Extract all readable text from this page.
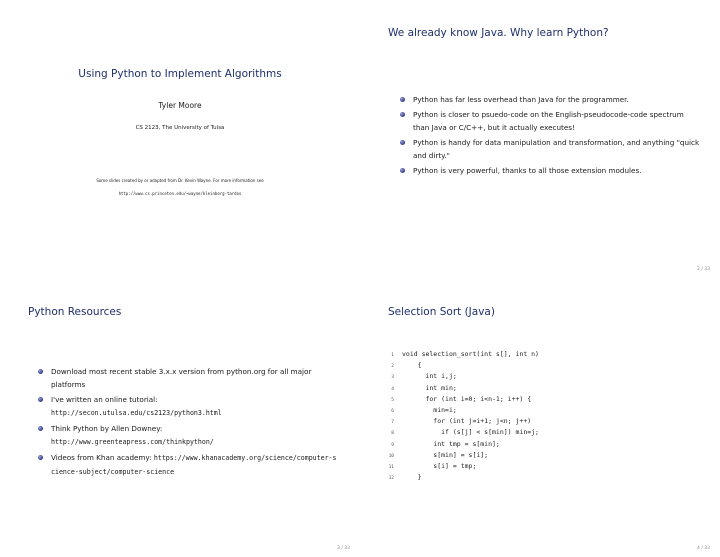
Using Python to Implement Algorithms
Tyler Moore
CS 2123, The University of Tulsa
Some slides created by or adapted from Dr. Kevin Wayne. For more information see
http://www.cs.princeton.edu/~wayne/kleinberg-tardos
We already know Java. Why learn Python?
Python has far less overhead than Java for the programmer.
Python is closer to psuedo-code on the English-pseudocode-code spectrum than Java or C/C++, but it actually executes!
Python is handy for data manipulation and transformation, and anything "quick and dirty."
Python is very powerful, thanks to all those extension modules.
2 / 33
Python Resources
Download most recent stable 3.x.x version from python.org for all major platforms
I've written an online tutorial:
http://secon.utulsa.edu/cs2123/python3.html
Think Python by Allen Downey:
http://www.greenteapress.com/thinkpython/
Videos from Khan academy: https://www.khanacademy.org/science/computer-science-subject/computer-science
3 / 33
Selection Sort (Java)
1 void selection_sort(int s[], int n)
2    {
3      int i,j;
4      int min;
5      for (int i=0; i<n-1; i++) {
6        min=i;
7        for (int j=i+1; j<n; j++)
8          if (s[j] < s[min]) min=j;
9        int tmp = s[min];
10        s[min] = s[i];
11        s[i] = tmp;
12    }
4 / 33
